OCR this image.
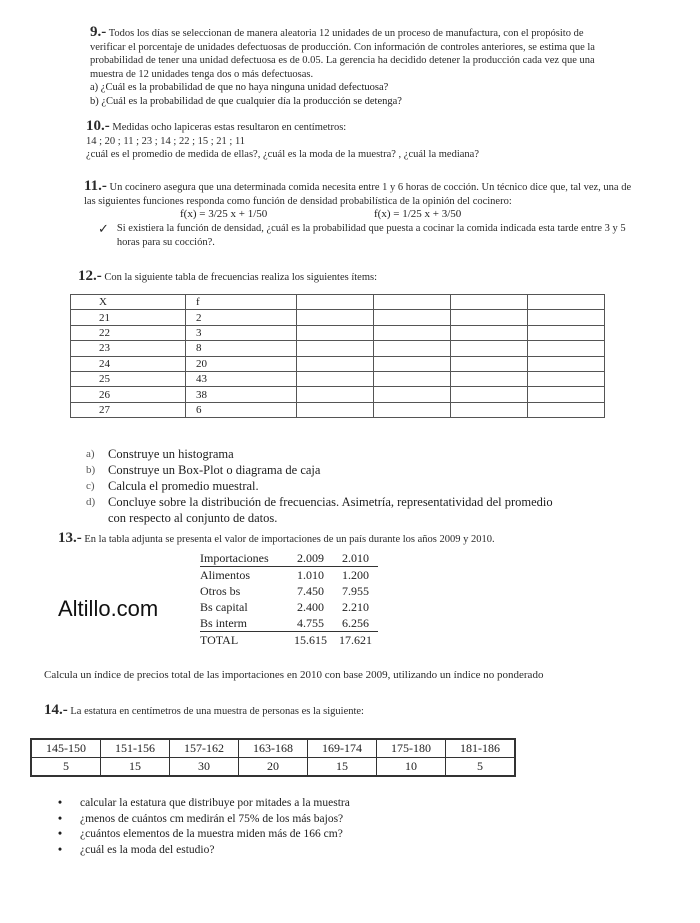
9.- Todos los días se seleccionan de manera aleatoria 12 unidades de un proceso de manufactura, con el propósito de verificar el porcentaje de unidades defectuosas de producción. Con información de controles anteriores, se estima que la probabilidad de tener una unidad defectuosa es de 0.05. La gerencia ha decidido detener la producción cada vez que una muestra de 12 unidades tenga dos o más defectuosas.
a) ¿Cuál es la probabilidad de que no haya ninguna unidad defectuosa?
b) ¿Cuál es la probabilidad de que cualquier día la producción se detenga?
10.- Medidas ocho lapiceras estas resultaron en centímetros:
14 ; 20 ; 11 ; 23 ; 14 ; 22 ; 15 ; 21 ; 11
¿cuál es el promedio de medida de ellas?, ¿cuál es la moda de la muestra? , ¿cuál la mediana?
11.- Un cocinero asegura que una determinada comida necesita entre 1 y 6 horas de cocción. Un técnico dice que, tal vez, una de las siguientes funciones responda como función de densidad probabilística de la opinión del cocinero:
f(x) = 3/25 x + 1/50	f(x) = 1/25 x + 3/50
✓ Si existiera la función de densidad, ¿cuál es la probabilidad que puesta a cocinar la comida indicada esta tarde entre 3 y 5 horas para su cocción?.
12.- Con la siguiente tabla de frecuencias realiza los siguientes ítems:
X	f				
21	2				
22	3				
23	8				
24	20				
25	43				
26	38				
27	6				
a)	Construye un histograma
b)	Construye un Box-Plot o diagrama de caja
c)	Calcula el promedio muestral.
d)	Concluye sobre la distribución de frecuencias. Asimetría, representatividad del promedio
con respecto al conjunto de datos.
13.- En la tabla adjunta se presenta el valor de importaciones de un país durante los años 2009 y 2010.
Importaciones	2.009	2.010
Alimentos	1.010	1.200
Otros bs	7.450	7.955
Bs capital	2.400	2.210
Bs interm	4.755	6.256
TOTAL	15.615	17.621
Altillo.com
Calcula un índice de precios total de las importaciones en 2010 con base 2009, utilizando un índice no ponderado
14.- La estatura en centímetros de una muestra de personas es la siguiente:
145-150	151-156	157-162	163-168	169-174	175-180	181-186
5	15	30	20	15	10	5
•	calcular la estatura que distribuye por mitades a la muestra
•	¿menos de cuántos cm medirán el 75% de los más bajos?
•	¿cuántos elementos de la muestra miden más de 166 cm?
•	¿cuál es la moda del estudio?
